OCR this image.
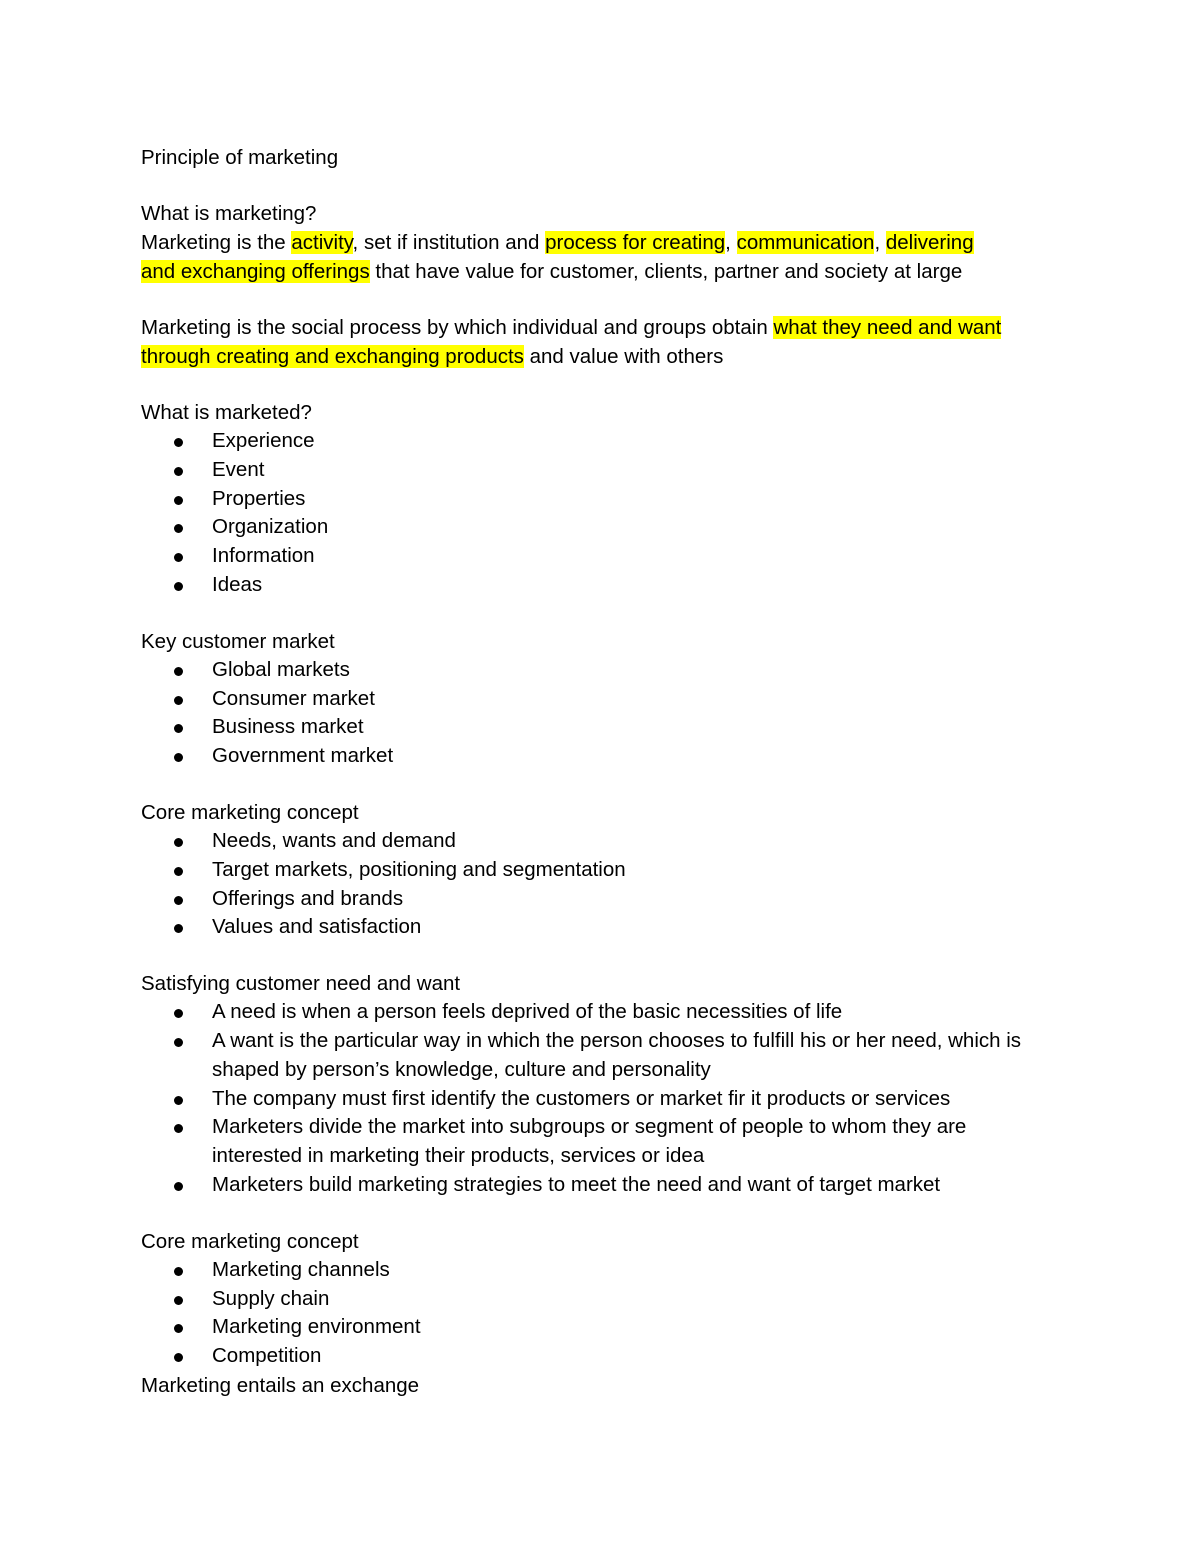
Principle of marketing

What is marketing?

Marketing is the activity, set if institution and process for creating, communication, delivering
and exchanging offerings that have value for customer, clients, partner and society at large

Marketing is the social process by which individual and groups obtain what they need and want
through creating and exchanging products and value with others

What is marketed?

Experience
Event
Properties
Organization
Information
Ideas

Key customer market

Global markets
Consumer market
Business market
Government market

Core marketing concept

Needs, wants and demand
Target markets, positioning and segmentation
Offerings and brands
Values and satisfaction

Satisfying customer need and want

A need is when a person feels deprived of the basic necessities of life
A want is the particular way in which the person chooses to fulfill his or her need, which is shaped by person’s knowledge, culture and personality
The company must first identify the customers or market fir it products or services
Marketers divide the market into subgroups or segment of people to whom they are interested in marketing their products, services or idea
Marketers build marketing strategies to meet the need and want of target market

Core marketing concept

Marketing channels
Supply chain
Marketing environment
Competition

Marketing entails an exchange
